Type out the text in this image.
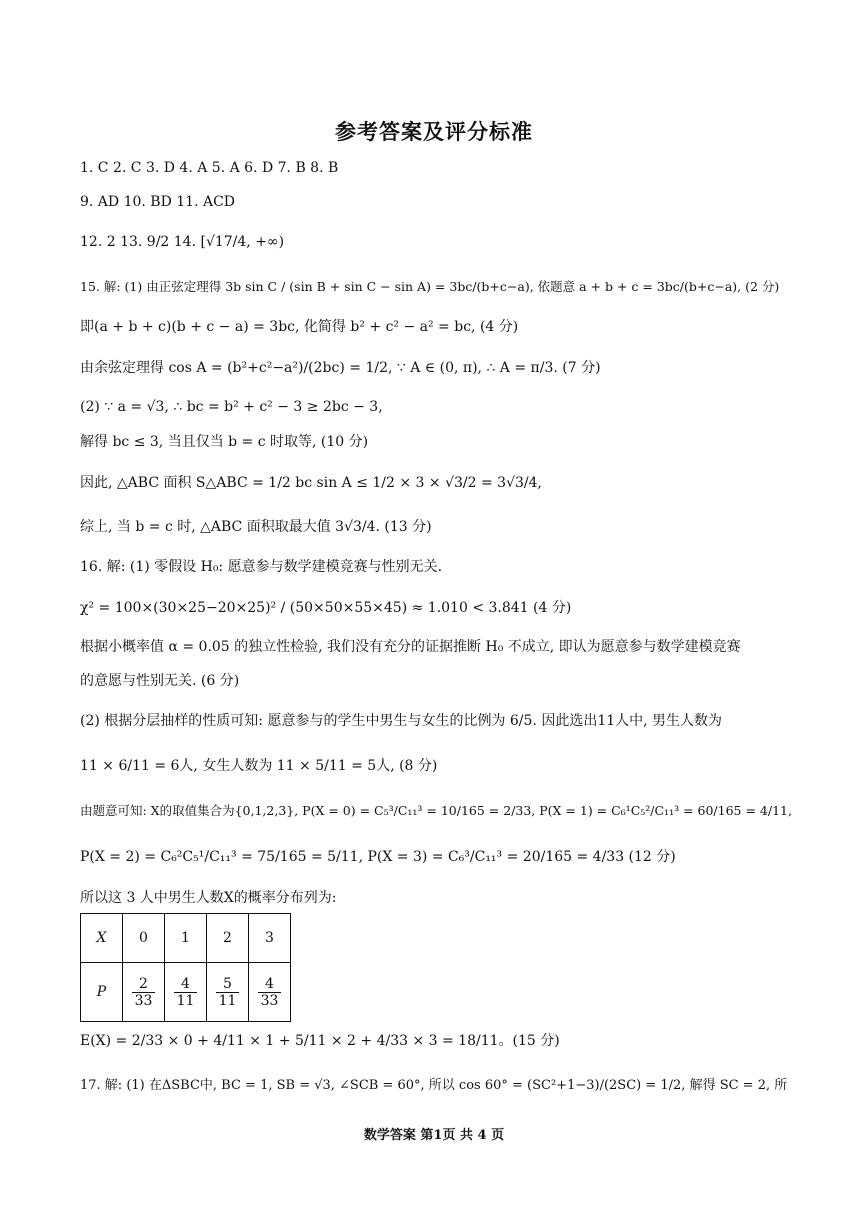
参考答案及评分标准
1. C 2. C 3. D 4. A 5. A 6. D 7. B 8. B
9. AD 10. BD 11. ACD
12. 2 13. 9/2 14. [√17/4, +∞)
15. 解: (1) 由正弦定理得 3b sin C / (sin B + sin C − sin A) = 3bc/(b+c−a), 依题意 a + b + c = 3bc/(b+c−a), (2 分)
即(a + b + c)(b + c − a) = 3bc, 化简得 b² + c² − a² = bc, (4 分)
由余弦定理得 cos A = (b²+c²−a²)/(2bc) = 1/2, ∵ A ∈ (0, π), ∴ A = π/3. (7 分)
(2) ∵ a = √3, ∴ bc = b² + c² − 3 ≥ 2bc − 3,
解得 bc ≤ 3, 当且仅当 b = c 时取等, (10 分)
因此, △ABC 面积 S△ABC = 1/2 bc sin A ≤ 1/2 × 3 × √3/2 = 3√3/4,
综上, 当 b = c 时, △ABC 面积取最大值 3√3/4. (13 分)
16. 解: (1) 零假设 H₀: 愿意参与数学建模竞赛与性别无关.
χ² = 100×(30×25−20×25)² / (50×50×55×45) ≈ 1.010 < 3.841 (4 分)
根据小概率值 α = 0.05 的独立性检验, 我们没有充分的证据推断 H₀ 不成立, 即认为愿意参与数学建模竞赛
的意愿与性别无关. (6 分)
(2) 根据分层抽样的性质可知: 愿意参与的学生中男生与女生的比例为 6/5. 因此选出11人中, 男生人数为
11 × 6/11 = 6人, 女生人数为 11 × 5/11 = 5人, (8 分)
由题意可知: X的取值集合为{0,1,2,3}, P(X = 0) = C₅³/C₁₁³ = 10/165 = 2/33, P(X = 1) = C₆¹C₅²/C₁₁³ = 60/165 = 4/11,
P(X = 2) = C₆²C₅¹/C₁₁³ = 75/165 = 5/11, P(X = 3) = C₆³/C₁₁³ = 20/165 = 4/33 (12 分)
所以这 3 人中男生人数X的概率分布列为:
X	0	1	2	3
P	$\frac{2}{33}$	$\frac{4}{11}$	$\frac{5}{11}$	$\frac{4}{33}$
E(X) = 2/33 × 0 + 4/11 × 1 + 5/11 × 2 + 4/33 × 3 = 18/11。(15 分)
17. 解: (1) 在ΔSBC中, BC = 1, SB = √3, ∠SCB = 60°, 所以 cos 60° = (SC²+1−3)/(2SC) = 1/2, 解得 SC = 2, 所
数学答案 第1页 共 4 页
